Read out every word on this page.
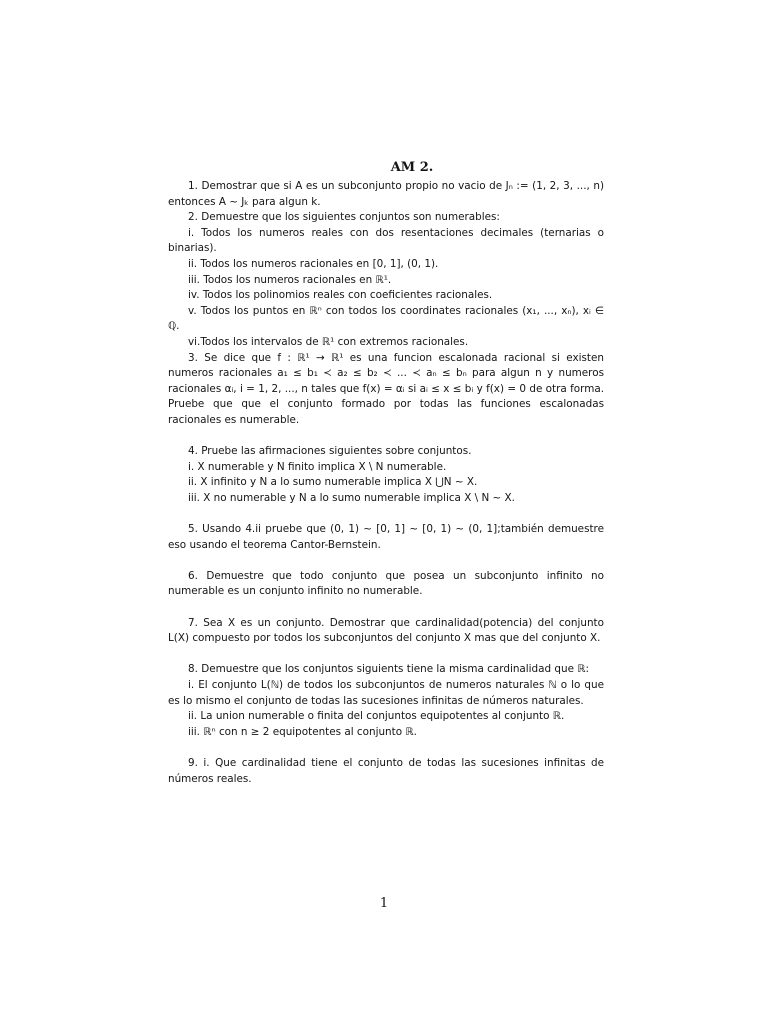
AM 2.

1. Demostrar que si A es un subconjunto propio no vacio de Jₙ := (1, 2, 3, ..., n) entonces A ∼ Jₖ para algun k.

2. Demuestre que los siguientes conjuntos son numerables:

i. Todos los numeros reales con dos resentaciones decimales (ternarias o binarias).

ii. Todos los numeros racionales en [0, 1], (0, 1).

iii. Todos los numeros racionales en ℝ¹.

iv. Todos los polinomios reales con coeficientes racionales.

v. Todos los puntos en ℝⁿ con todos los coordinates racionales (x₁, ..., xₙ), xᵢ ∈ ℚ.

vi.Todos los intervalos de ℝ¹ con extremos racionales.

3. Se dice que f : ℝ¹ → ℝ¹ es una funcion escalonada racional si existen numeros racionales a₁ ≤ b₁ ≺ a₂ ≤ b₂ ≺ ... ≺ aₙ ≤ bₙ para algun n y numeros racionales αᵢ, i = 1, 2, ..., n tales que f(x) = αᵢ si aᵢ ≤ x ≤ bᵢ y f(x) = 0 de otra forma. Pruebe que que el conjunto formado por todas las funciones escalonadas racionales es numerable.

4. Pruebe las afirmaciones siguientes sobre conjuntos.

i. X numerable y N finito implica X \ N numerable.

ii. X infinito y N a lo sumo numerable implica X ⋃N ∼ X.

iii. X no numerable y N a lo sumo numerable implica X \ N ∼ X.

5. Usando 4.ii pruebe que (0, 1) ∼ [0, 1] ∼ [0, 1) ∼ (0, 1];también demuestre eso usando el teorema Cantor-Bernstein.

6. Demuestre que todo conjunto que posea un subconjunto infinito no numerable es un conjunto infinito no numerable.

7. Sea X es un conjunto. Demostrar que cardinalidad(potencia) del conjunto L(X) compuesto por todos los subconjuntos del conjunto X mas que del conjunto X.

8. Demuestre que los conjuntos siguients tiene la misma cardinalidad que ℝ:

i. El conjunto L(ℕ) de todos los subconjuntos de numeros naturales ℕ o lo que es lo mismo el conjunto de todas las sucesiones infinitas de números naturales.

ii. La union numerable o finita del conjuntos equipotentes al conjunto ℝ.

iii. ℝⁿ con n ≥ 2 equipotentes al conjunto ℝ.

9. i. Que cardinalidad tiene el conjunto de todas las sucesiones infinitas de números reales.

1
